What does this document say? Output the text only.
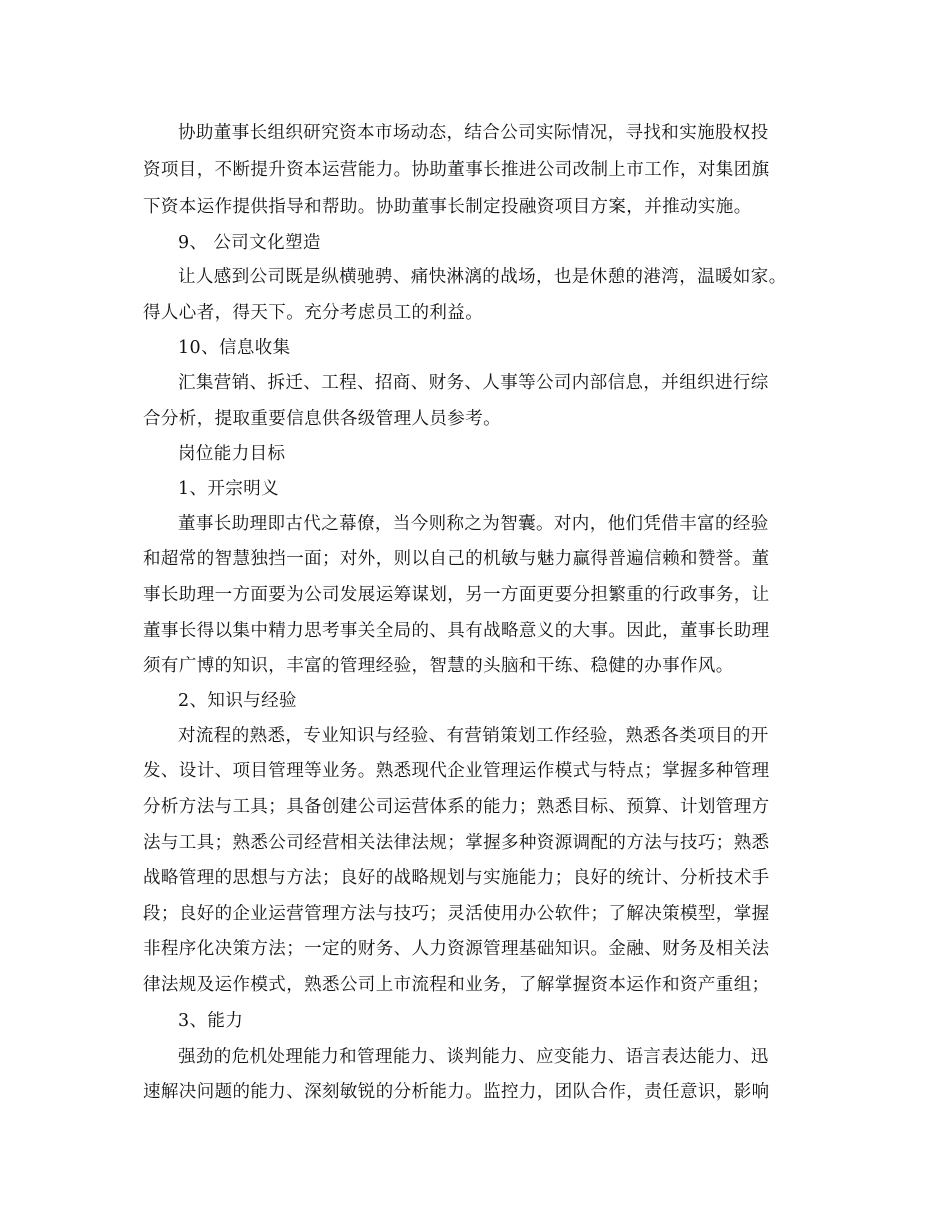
协助董事长组织研究资本市场动态，结合公司实际情况，寻找和实施股权投
资项目，不断提升资本运营能力。协助董事长推进公司改制上市工作，对集团旗
下资本运作提供指导和帮助。协助董事长制定投融资项目方案，并推动实施。
9、 公司文化塑造
让人感到公司既是纵横驰骋、痛快淋漓的战场，也是休憩的港湾，温暖如家。
得人心者，得天下。充分考虑员工的利益。
10、信息收集
汇集营销、拆迁、工程、招商、财务、人事等公司内部信息，并组织进行综
合分析，提取重要信息供各级管理人员参考。
岗位能力目标
1、开宗明义
董事长助理即古代之幕僚，当今则称之为智囊。对内，他们凭借丰富的经验
和超常的智慧独挡一面；对外，则以自己的机敏与魅力赢得普遍信赖和赞誉。董
事长助理一方面要为公司发展运筹谋划，另一方面更要分担繁重的行政事务，让
董事长得以集中精力思考事关全局的、具有战略意义的大事。因此，董事长助理
须有广博的知识，丰富的管理经验，智慧的头脑和干练、稳健的办事作风。
2、知识与经验
对流程的熟悉，专业知识与经验、有营销策划工作经验，熟悉各类项目的开
发、设计、项目管理等业务。熟悉现代企业管理运作模式与特点；掌握多种管理
分析方法与工具；具备创建公司运营体系的能力；熟悉目标、预算、计划管理方
法与工具；熟悉公司经营相关法律法规；掌握多种资源调配的方法与技巧；熟悉
战略管理的思想与方法；良好的战略规划与实施能力；良好的统计、分析技术手
段；良好的企业运营管理方法与技巧；灵活使用办公软件；了解决策模型，掌握
非程序化决策方法；一定的财务、人力资源管理基础知识。金融、财务及相关法
律法规及运作模式，熟悉公司上市流程和业务，了解掌握资本运作和资产重组；
3、能力
强劲的危机处理能力和管理能力、谈判能力、应变能力、语言表达能力、迅
速解决问题的能力、深刻敏锐的分析能力。监控力，团队合作，责任意识，影响
